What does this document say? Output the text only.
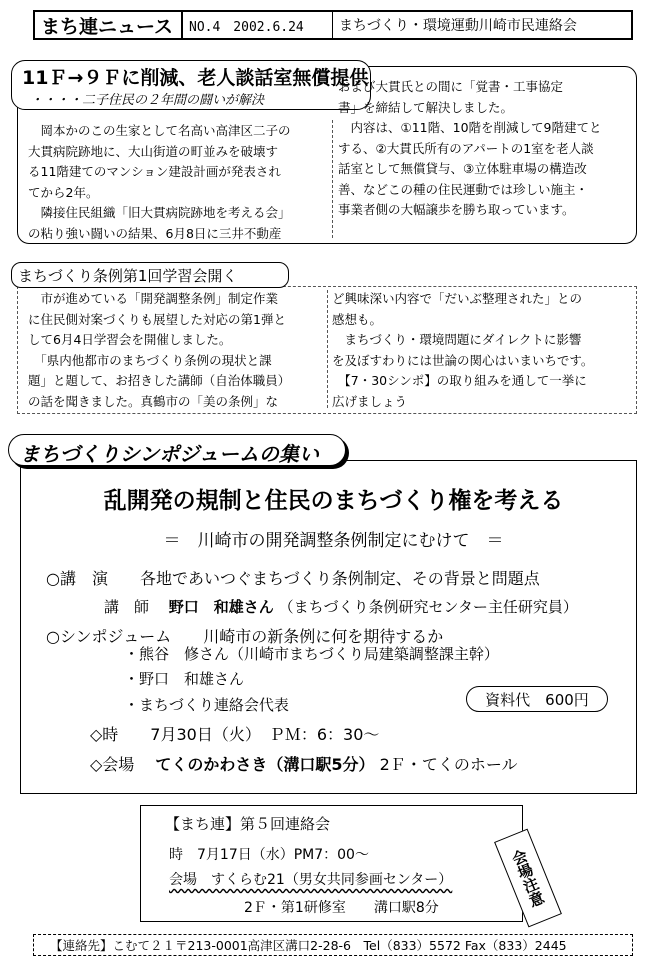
まち連ニュース	NO.4　2002.6.24	まちづくり・環境運動川崎市民連絡会
11Ｆ→９Ｆに削減、老人談話室無償提供
・・・・二子住民の２年間の闘いが解決
　岡本かのこの生家として名高い高津区二子の
大貫病院跡地に、大山街道の町並みを破壊す
る11階建てのマンション建設計画が発表され
てから2年。
　隣接住民組織「旧大貫病院跡地を考える会」
の粘り強い闘いの結果、6月8日に三井不動産
および大貫氏との間に「覚書・工事協定
書」を締結して解決しました。
　内容は、①11階、10階を削減して9階建てと
する、②大貫氏所有のアパートの1室を老人談
話室として無償貸与、③立体駐車場の構造改
善、などこの種の住民運動では珍しい施主・
事業者側の大幅譲歩を勝ち取っています。
まちづくり条例第1回学習会開く
　市が進めている「開発調整条例」制定作業
に住民側対案づくりも展望した対応の第1弾と
して6月4日学習会を開催しました。
　「県内他都市のまちづくり条例の現状と課
題」と題して、お招きした講師（自治体職員）
の話を聞きました。真鶴市の「美の条例」な
ど興味深い内容で「だいぶ整理された」との
感想も。
　まちづくり・環境問題にダイレクトに影響
を及ぼすわりには世論の関心はいまいちです。
　【7・30シンポ】の取り組みを通して一挙に
広げましょう
まちづくりシンポジュームの集い
乱開発の規制と住民のまちづくり権を考える
＝　川崎市の開発調整条例制定にむけて　＝
○講　演　　各地であいつぐまちづくり条例制定、その背景と問題点
講　師　 野口　和雄さん （まちづくり条例研究センター主任研究員）
○シンポジューム　　川崎市の新条例に何を期待するか
・熊谷　修さん（川崎市まちづくり局建築調整課主幹）
・野口　和雄さん
・まちづくり連絡会代表	資料代　600円
◇時　　7月30日（火）　ＰＭ：6：30～
◇会場　 てくのかわさき（溝口駅5分） 2Ｆ・てくのホール
【まち連】第５回連絡会
時　7月17日（水）PM7：00～
会場　すくらむ21（男女共同参画センター）
2Ｆ・第1研修室　　溝口駅8分	会場注意
【連絡先】こむて２１〒213-0001高津区溝口2-28-6　Tel（833）5572 Fax（833）2445
